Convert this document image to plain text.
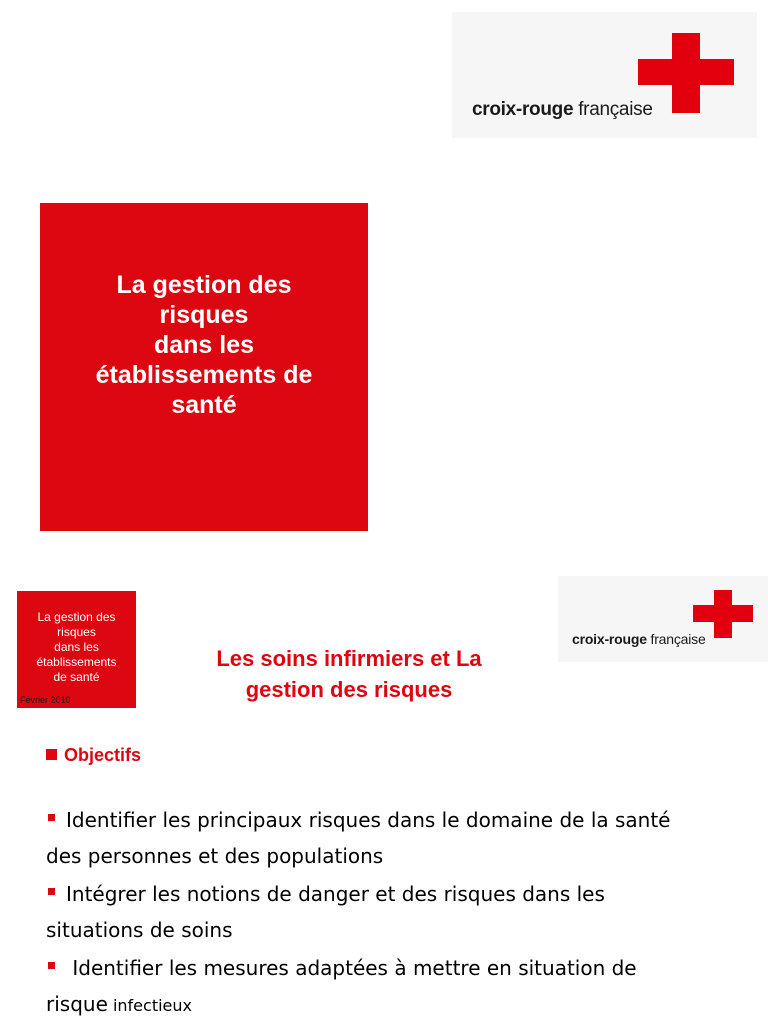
croix-rouge française
La gestion des
risques
dans les
établissements de
santé
La gestion des
risques
dans les
établissements
de santé
Février 2010
croix-rouge française
Les soins infirmiers et La
gestion des risques
Objectifs
Identifier les principaux risques dans le domaine de la santé
des personnes et des populations
Intégrer les notions de danger et des risques dans les
situations de soins
Identifier les mesures adaptées à mettre en situation de
risque infectieux
